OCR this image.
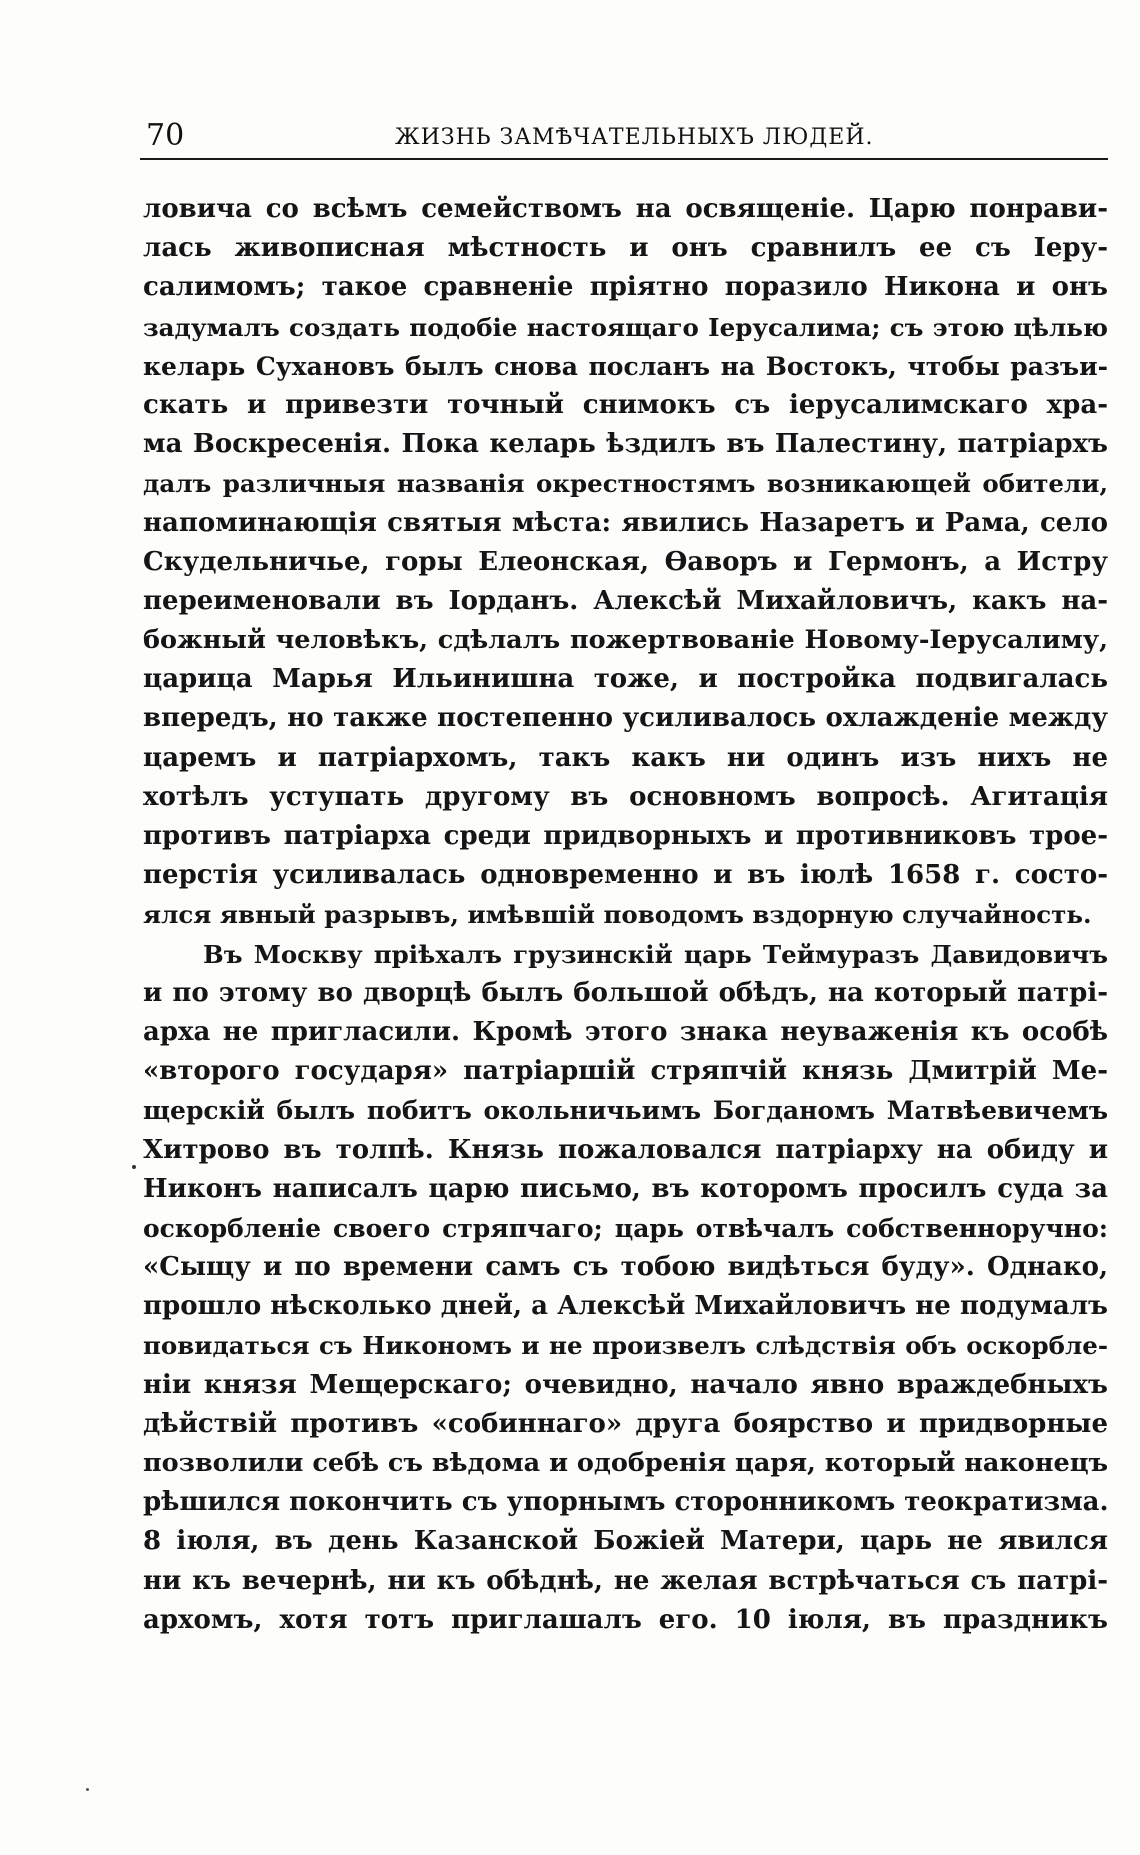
70	ЖИЗНЬ ЗАМѢЧАТЕЛЬНЫХЪ ЛЮДЕЙ.
ловича со всѣмъ семействомъ на освященіе. Царю понрави-
лась живописная мѣстность и онъ сравнилъ ее съ Іеру-
салимомъ; такое сравненіе пріятно поразило Никона и онъ
задумалъ создать подобіе настоящаго Іерусалима; съ этою цѣлью
келарь Сухановъ былъ снова посланъ на Востокъ, чтобы разъи-
скать и привезти точный снимокъ съ іерусалимскаго хра-
ма Воскресенія. Пока келарь ѣздилъ въ Палестину, патріархъ
далъ различныя названія окрестностямъ возникающей обители,
напоминающія святыя мѣста: явились Назаретъ и Рама, село
Скудельничье, горы Елеонская, Ѳаворъ и Гермонъ, а Истру
переименовали въ Іорданъ. Алексѣй Михайловичъ, какъ на-
божный человѣкъ, сдѣлалъ пожертвованіе Новому-Іерусалиму,
царица Марья Ильинишна тоже, и постройка подвигалась
впередъ, но также постепенно усиливалось охлажденіе между
царемъ и патріархомъ, такъ какъ ни одинъ изъ нихъ не
хотѣлъ уступать другому въ основномъ вопросѣ. Агитація
противъ патріарха среди придворныхъ и противниковъ трое-
перстія усиливалась одновременно и въ іюлѣ 1658 г. состо-
ялся явный разрывъ, имѣвшій поводомъ вздорную случайность.
Въ Москву пріѣхалъ грузинскій царь Теймуразъ Давидовичъ
и по этому во дворцѣ былъ большой обѣдъ, на который патрі-
арха не пригласили. Кромѣ этого знака неуваженія къ особѣ
«второго государя» патріаршій стряпчій князь Дмитрій Ме-
щерскій былъ побитъ окольничьимъ Богданомъ Матвѣевичемъ
Хитрово въ толпѣ. Князь пожаловался патріарху на обиду и
Никонъ написалъ царю письмо, въ которомъ просилъ суда за
оскорбленіе своего стряпчаго; царь отвѣчалъ собственноручно:
«Сыщу и по времени самъ съ тобою видѣться буду». Однако,
прошло нѣсколько дней, а Алексѣй Михайловичъ не подумалъ
повидаться съ Никономъ и не произвелъ слѣдствія объ оскорбле-
ніи князя Мещерскаго; очевидно, начало явно враждебныхъ
дѣйствій противъ «собиннаго» друга боярство и придворные
позволили себѣ съ вѣдома и одобренія царя, который наконецъ
рѣшился покончить съ упорнымъ сторонникомъ теократизма.
8 іюля, въ день Казанской Божіей Матери, царь не явился
ни къ вечернѣ, ни къ обѣднѣ, не желая встрѣчаться съ патрі-
архомъ, хотя тотъ приглашалъ его. 10 іюля, въ праздникъ
